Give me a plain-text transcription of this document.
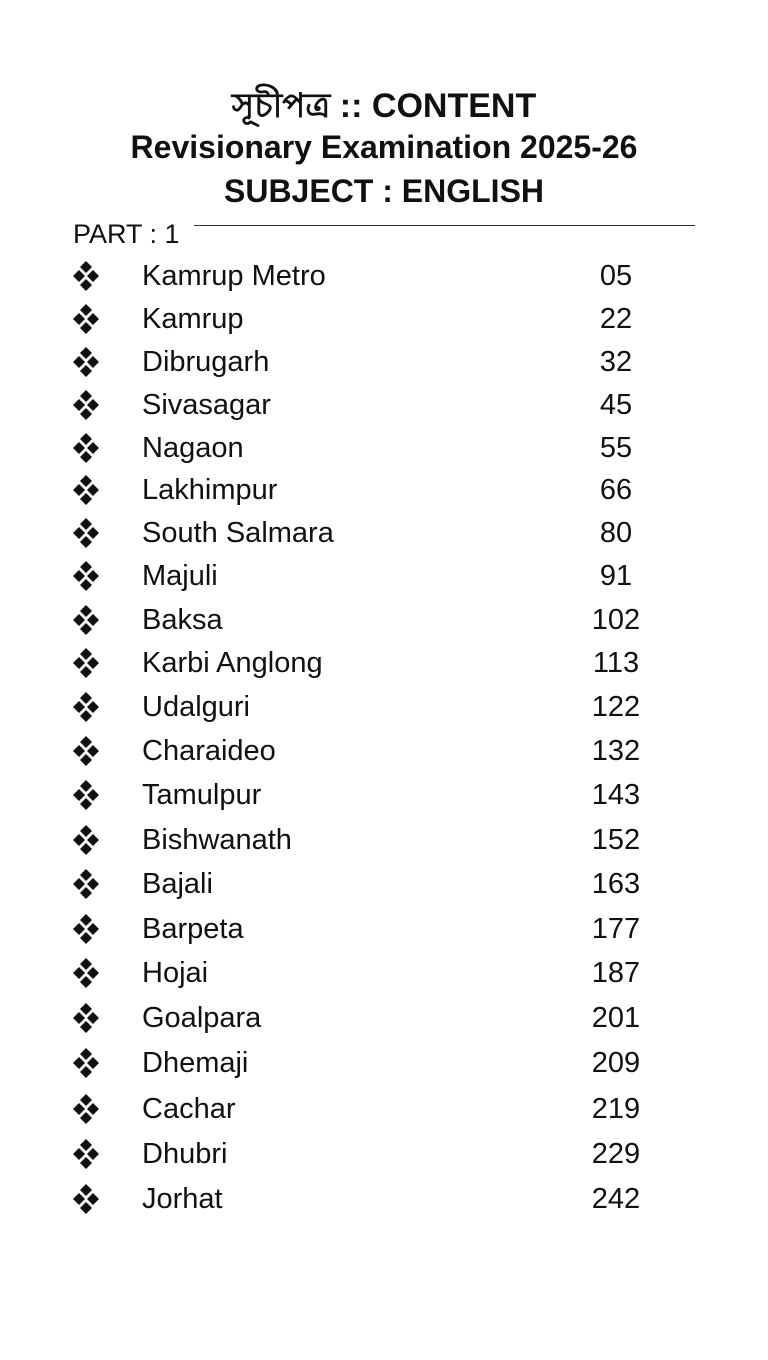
সূচীপত্র :: CONTENT
Revisionary Examination 2025-26
SUBJECT : ENGLISH
PART : 1
Kamrup Metro	05
Kamrup	22
Dibrugarh	32
Sivasagar	45
Nagaon	55
Lakhimpur	66
South Salmara	80
Majuli	91
Baksa	102
Karbi Anglong	113
Udalguri	122
Charaideo	132
Tamulpur	143
Bishwanath	152
Bajali	163
Barpeta	177
Hojai	187
Goalpara	201
Dhemaji	209
Cachar	219
Dhubri	229
Jorhat	242
